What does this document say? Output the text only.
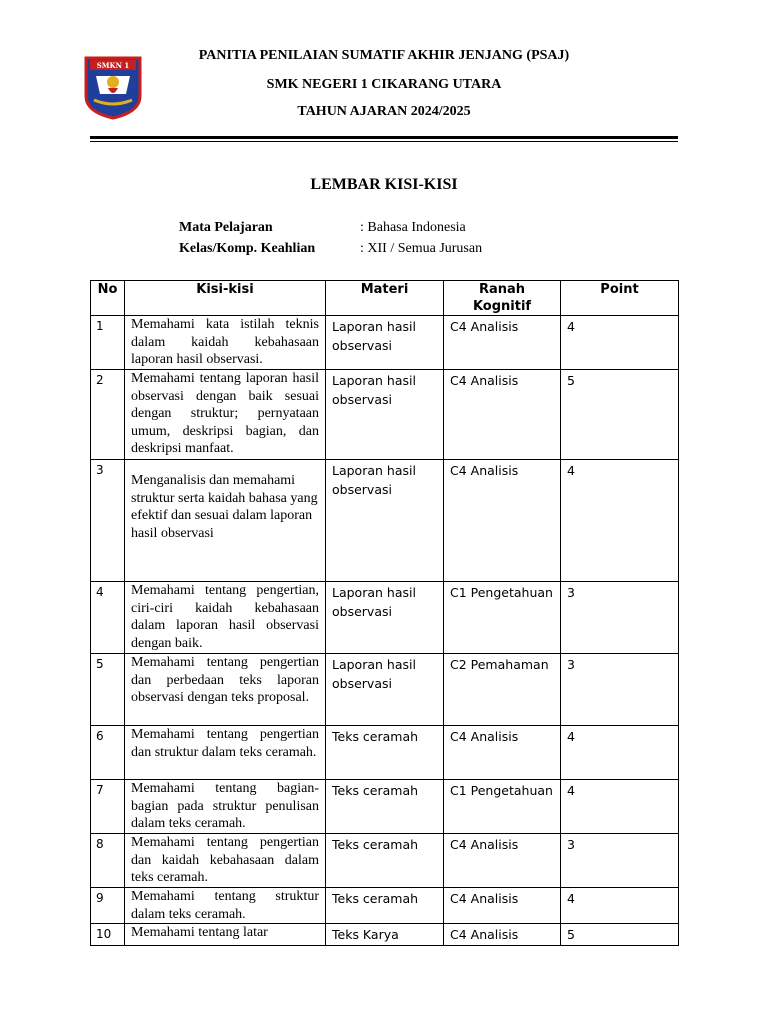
SMKN 1
PANITIA PENILAIAN SUMATIF AKHIR JENJANG (PSAJ)
SMK NEGERI 1 CIKARANG UTARA
TAHUN AJARAN 2024/2025
LEMBAR KISI-KISI
Mata Pelajaran	: Bahasa Indonesia
Kelas/Komp. Keahlian	: XII / Semua Jurusan
No	Kisi-kisi	Materi	Ranah Kognitif	Point
1	Memahami kata istilah teknis dalam kaidah kebahasaan laporan hasil observasi.	Laporan hasil observasi	C4 Analisis	4
2	Memahami tentang laporan hasil observasi dengan baik sesuai dengan struktur; pernyataan umum, deskripsi bagian, dan deskripsi manfaat.	Laporan hasil observasi	C4 Analisis	5
3	Menganalisis dan memahami struktur serta kaidah bahasa yang efektif dan sesuai dalam laporan hasil observasi	Laporan hasil observasi	C4 Analisis	4
4	Memahami tentang pengertian, ciri-ciri kaidah kebahasaan dalam laporan hasil observasi dengan baik.	Laporan hasil observasi	C1 Pengetahuan	3
5	Memahami tentang pengertian dan perbedaan teks laporan observasi dengan teks proposal.	Laporan hasil observasi	C2 Pemahaman	3
6	Memahami tentang pengertian dan struktur dalam teks ceramah.	Teks ceramah	C4 Analisis	4
7	Memahami tentang bagian-bagian pada struktur penulisan dalam teks ceramah.	Teks ceramah	C1 Pengetahuan	4
8	Memahami tentang pengertian dan kaidah kebahasaan dalam teks ceramah.	Teks ceramah	C4 Analisis	3
9	Memahami tentang struktur dalam teks ceramah.	Teks ceramah	C4 Analisis	4
10	Memahami tentang latar	Teks Karya	C4 Analisis	5
